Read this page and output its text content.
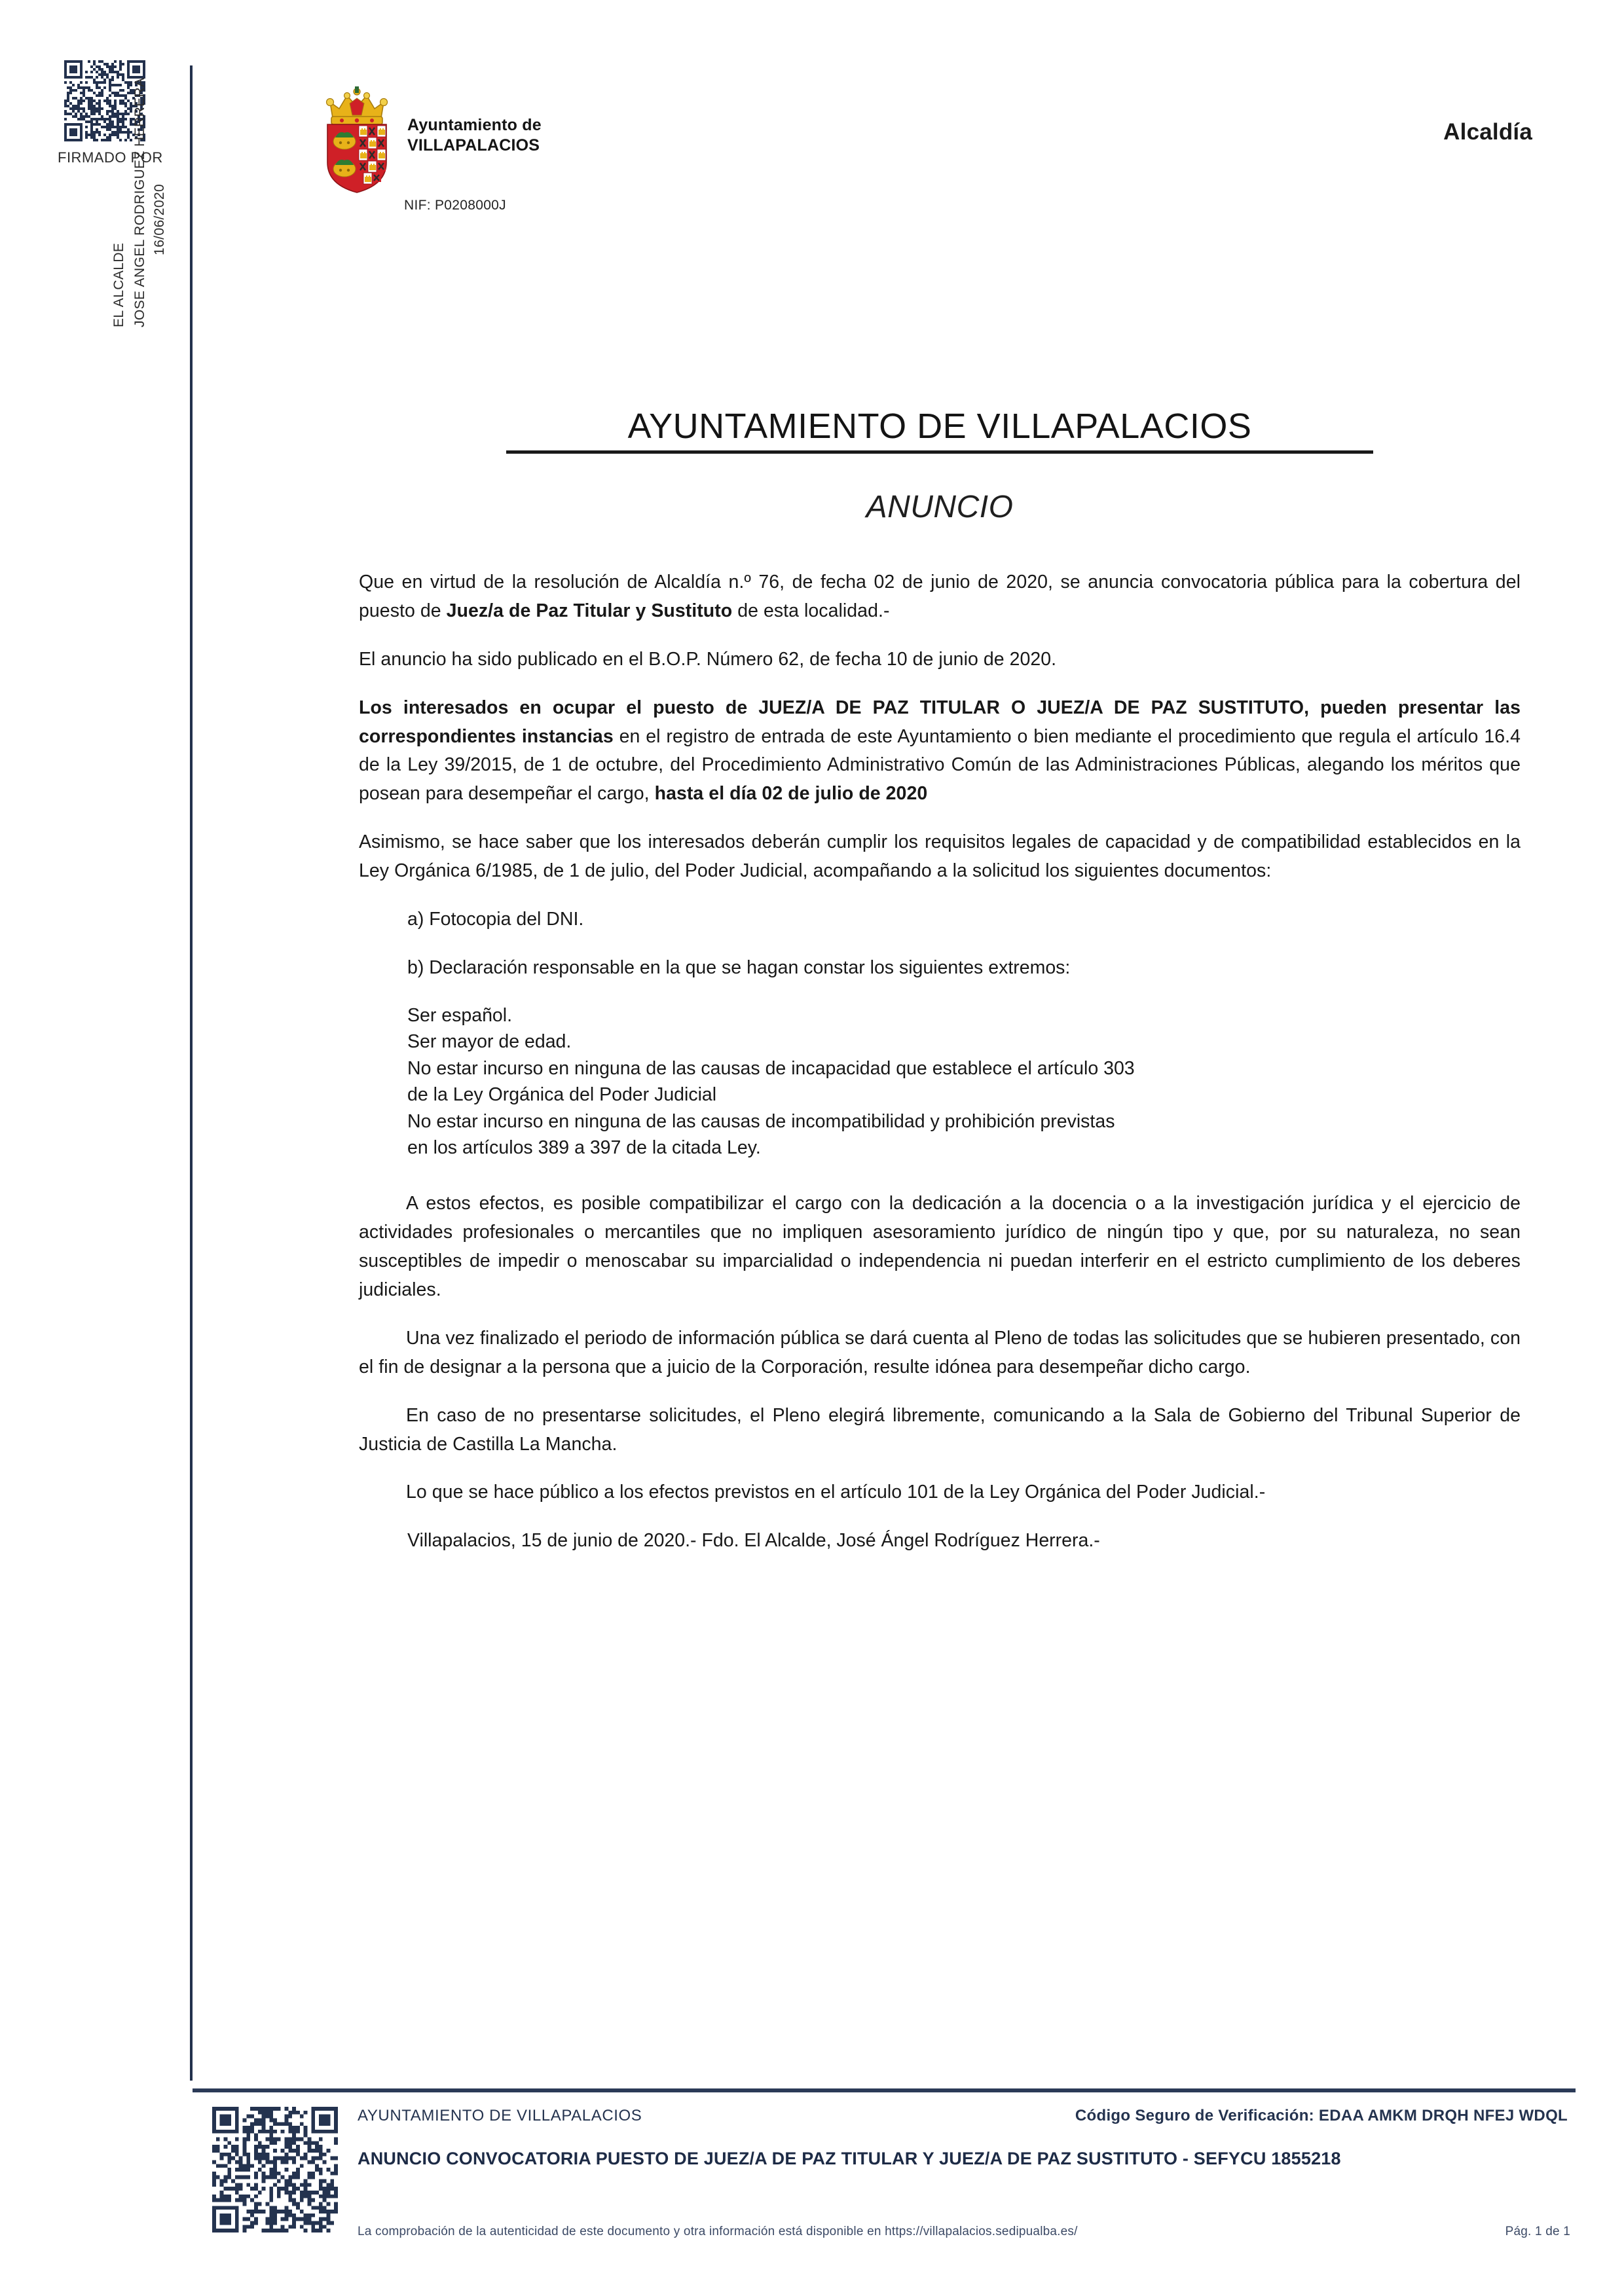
FIRMADO POR
EL ALCALDE JOSE ANGEL RODRIGUEZ HERRERA 16/06/2020
Ayuntamiento de
VILLAPALACIOS
NIF: P0208000J
Alcaldía
AYUNTAMIENTO DE VILLAPALACIOS
ANUNCIO

Que en virtud de la resolución de Alcaldía n.º 76, de fecha 02 de junio de 2020, se anuncia convocatoria pública para la cobertura del puesto de Juez/a de Paz Titular y Sustituto de esta localidad.-

El anuncio ha sido publicado en el B.O.P. Número 62, de fecha 10 de junio de 2020.

Los interesados en ocupar el puesto de JUEZ/A DE PAZ TITULAR O JUEZ/A DE PAZ SUSTITUTO, pueden presentar las correspondientes instancias en el registro de entrada de este Ayuntamiento o bien mediante el procedimiento que regula el artículo 16.4 de la Ley 39/2015, de 1 de octubre, del Procedimiento Administrativo Común de las Administraciones Públicas, alegando los méritos que posean para desempeñar el cargo, hasta el día 02 de julio de 2020

Asimismo, se hace saber que los interesados deberán cumplir los requisitos legales de capacidad y de compatibilidad establecidos en la Ley Orgánica 6/1985, de 1 de julio, del Poder Judicial, acompañando a la solicitud los siguientes documentos:

a) Fotocopia del DNI.
b) Declaración responsable en la que se hagan constar los siguientes extremos:
Ser español.
Ser mayor de edad.
No estar incurso en ninguna de las causas de incapacidad que establece el artículo 303
de la Ley Orgánica del Poder Judicial
No estar incurso en ninguna de las causas de incompatibilidad y prohibición previstas
en los artículos 389 a 397 de la citada Ley.

A estos efectos, es posible compatibilizar el cargo con la dedicación a la docencia o a la investigación jurídica y el ejercicio de actividades profesionales o mercantiles que no impliquen asesoramiento jurídico de ningún tipo y que, por su naturaleza, no sean susceptibles de impedir o menoscabar su imparcialidad o independencia ni puedan interferir en el estricto cumplimiento de los deberes judiciales.

Una vez finalizado el periodo de información pública se dará cuenta al Pleno de todas las solicitudes que se hubieren presentado, con el fin de designar a la persona que a juicio de la Corporación, resulte idónea para desempeñar dicho cargo.

En caso de no presentarse solicitudes, el Pleno elegirá libremente, comunicando a la Sala de Gobierno del Tribunal Superior de Justicia de Castilla La Mancha.

Lo que se hace público a los efectos previstos en el artículo 101 de la Ley Orgánica del Poder Judicial.-

Villapalacios, 15 de junio de 2020.- Fdo. El Alcalde, José Ángel Rodríguez Herrera.-
AYUNTAMIENTO DE VILLAPALACIOS	Código Seguro de Verificación: EDAA AMKM DRQH NFEJ WDQL
ANUNCIO CONVOCATORIA PUESTO DE JUEZ/A DE PAZ TITULAR Y JUEZ/A DE PAZ SUSTITUTO - SEFYCU 1855218
La comprobación de la autenticidad de este documento y otra información está disponible en https://villapalacios.sedipualba.es/	Pág. 1 de 1
